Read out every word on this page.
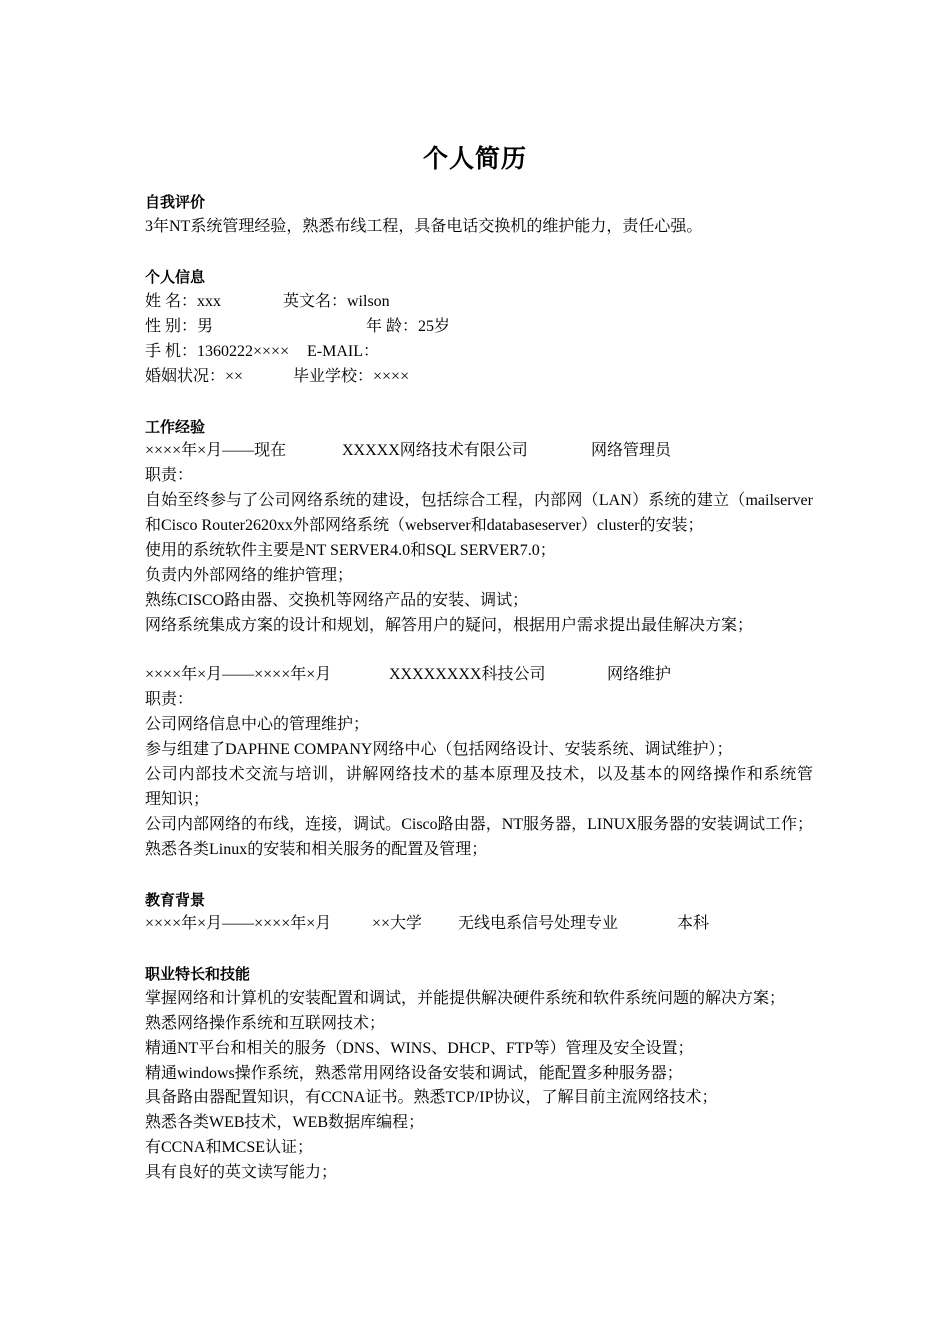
个人简历
自我评价
3年NT系统管理经验，熟悉布线工程，具备电话交换机的维护能力，责任心强。
个人信息
姓 名：xxx	英文名：wilson
性 别：男	年 龄：25岁
手 机：1360222×××× E-MAIL：
婚姻状况：××	毕业学校：××××
工作经验
××××年×月——现在	XXXXX网络技术有限公司	网络管理员
职责：
自始至终参与了公司网络系统的建设，包括综合工程，内部网（LAN）系统的建立（mailserver
和Cisco Router2620xx外部网络系统（webserver和databaseserver）cluster的安装；
使用的系统软件主要是NT SERVER4.0和SQL SERVER7.0；
负责内外部网络的维护管理；
熟练CISCO路由器、交换机等网络产品的安装、调试；
网络系统集成方案的设计和规划，解答用户的疑问，根据用户需求提出最佳解决方案；
××××年×月——××××年×月	XXXXXXXX科技公司	网络维护
职责：
公司网络信息中心的管理维护；
参与组建了DAPHNE COMPANY网络中心（包括网络设计、安装系统、调试维护）；
公司内部技术交流与培训，讲解网络技术的基本原理及技术，以及基本的网络操作和系统管
理知识；
公司内部网络的布线，连接，调试。Cisco路由器，NT服务器，LINUX服务器的安装调试工作；
熟悉各类Linux的安装和相关服务的配置及管理；
教育背景
××××年×月——××××年×月	××大学 无线电系信号处理专业	本科
职业特长和技能
掌握网络和计算机的安装配置和调试，并能提供解决硬件系统和软件系统问题的解决方案；
熟悉网络操作系统和互联网技术；
精通NT平台和相关的服务（DNS、WINS、DHCP、FTP等）管理及安全设置；
精通windows操作系统，熟悉常用网络设备安装和调试，能配置多种服务器；
具备路由器配置知识，有CCNA证书。熟悉TCP/IP协议，了解目前主流网络技术；
熟悉各类WEB技术，WEB数据库编程；
有CCNA和MCSE认证；
具有良好的英文读写能力；
